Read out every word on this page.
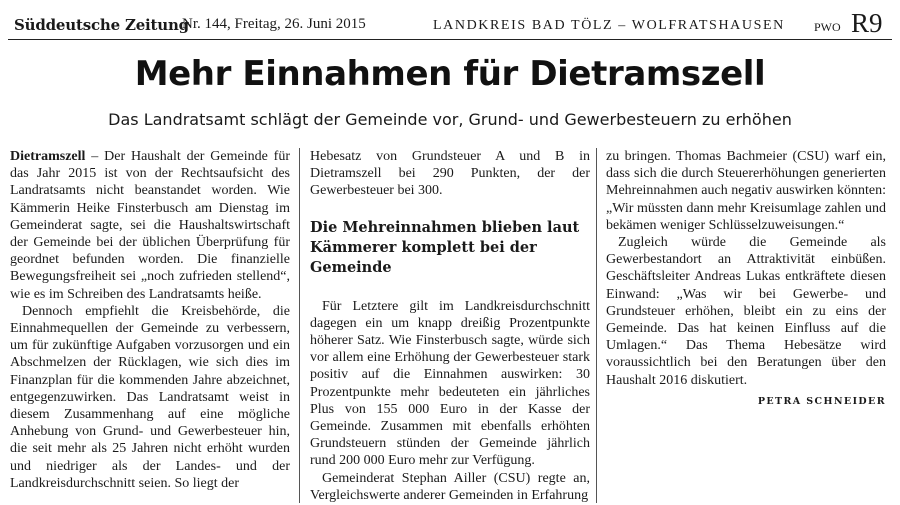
Süddeutsche Zeitung
Nr. 144, Freitag, 26. Juni 2015	LANDKREIS BAD TÖLZ – WOLFRATSHAUSEN PWO R9
Mehr Einnahmen für Dietramszell
Das Landratsamt schlägt der Gemeinde vor, Grund- und Gewerbesteuern zu erhöhen

Dietramszell – Der Haushalt der Gemeinde für das Jahr 2015 ist von der Rechtsaufsicht des Landratsamts nicht beanstandet worden. Wie Kämmerin Heike Finsterbusch am Dienstag im Gemeinderat sagte, sei die Haushaltswirtschaft der Gemeinde bei der üblichen Überprüfung für geordnet befunden worden. Die finanzielle Bewegungsfreiheit sei „noch zufrieden stellend“, wie es im Schreiben des Landratsamts heiße.

Dennoch empfiehlt die Kreisbehörde, die Einnahmequellen der Gemeinde zu verbessern, um für zukünftige Aufgaben vorzusorgen und ein Abschmelzen der Rücklagen, wie sich dies im Finanzplan für die kommenden Jahre abzeichnet, entgegenzuwirken. Das Landratsamt weist in diesem Zusammenhang auf eine mögliche Anhebung von Grund- und Gewerbesteuer hin, die seit mehr als 25 Jahren nicht erhöht wurden und niedriger als der Landes- und der Landkreisdurchschnitt seien. So liegt der

Hebesatz von Grundsteuer A und B in Dietramszell bei 290 Punkten, der der Gewerbesteuer bei 300.

Die Mehreinnahmen blieben laut Kämmerer komplett bei der Gemeinde

Für Letztere gilt im Landkreisdurchschnitt dagegen ein um knapp dreißig Prozentpunkte höherer Satz. Wie Finsterbusch sagte, würde sich vor allem eine Erhöhung der Gewerbesteuer stark positiv auf die Einnahmen auswirken: 30 Prozentpunkte mehr bedeuteten ein jährliches Plus von 155 000 Euro in der Kasse der Gemeinde. Zusammen mit ebenfalls erhöhten Grundsteuern stünden der Gemeinde jährlich rund 200 000 Euro mehr zur Verfügung.

Gemeinderat Stephan Ailler (CSU) regte an, Vergleichswerte anderer Gemeinden in Erfahrung

zu bringen. Thomas Bachmeier (CSU) warf ein, dass sich die durch Steuererhöhungen generierten Mehreinnahmen auch negativ auswirken könnten: „Wir müssten dann mehr Kreisumlage zahlen und bekämen weniger Schlüsselzuweisungen.“

Zugleich würde die Gemeinde als Gewerbestandort an Attraktivität einbüßen. Geschäftsleiter Andreas Lukas entkräftete diesen Einwand: „Was wir bei Gewerbe- und Grundsteuer erhöhen, bleibt ein zu eins der Gemeinde. Das hat keinen Einfluss auf die Umlagen.“ Das Thema Hebesätze wird voraussichtlich bei den Beratungen über den Haushalt 2016 diskutiert.

PETRA SCHNEIDER
